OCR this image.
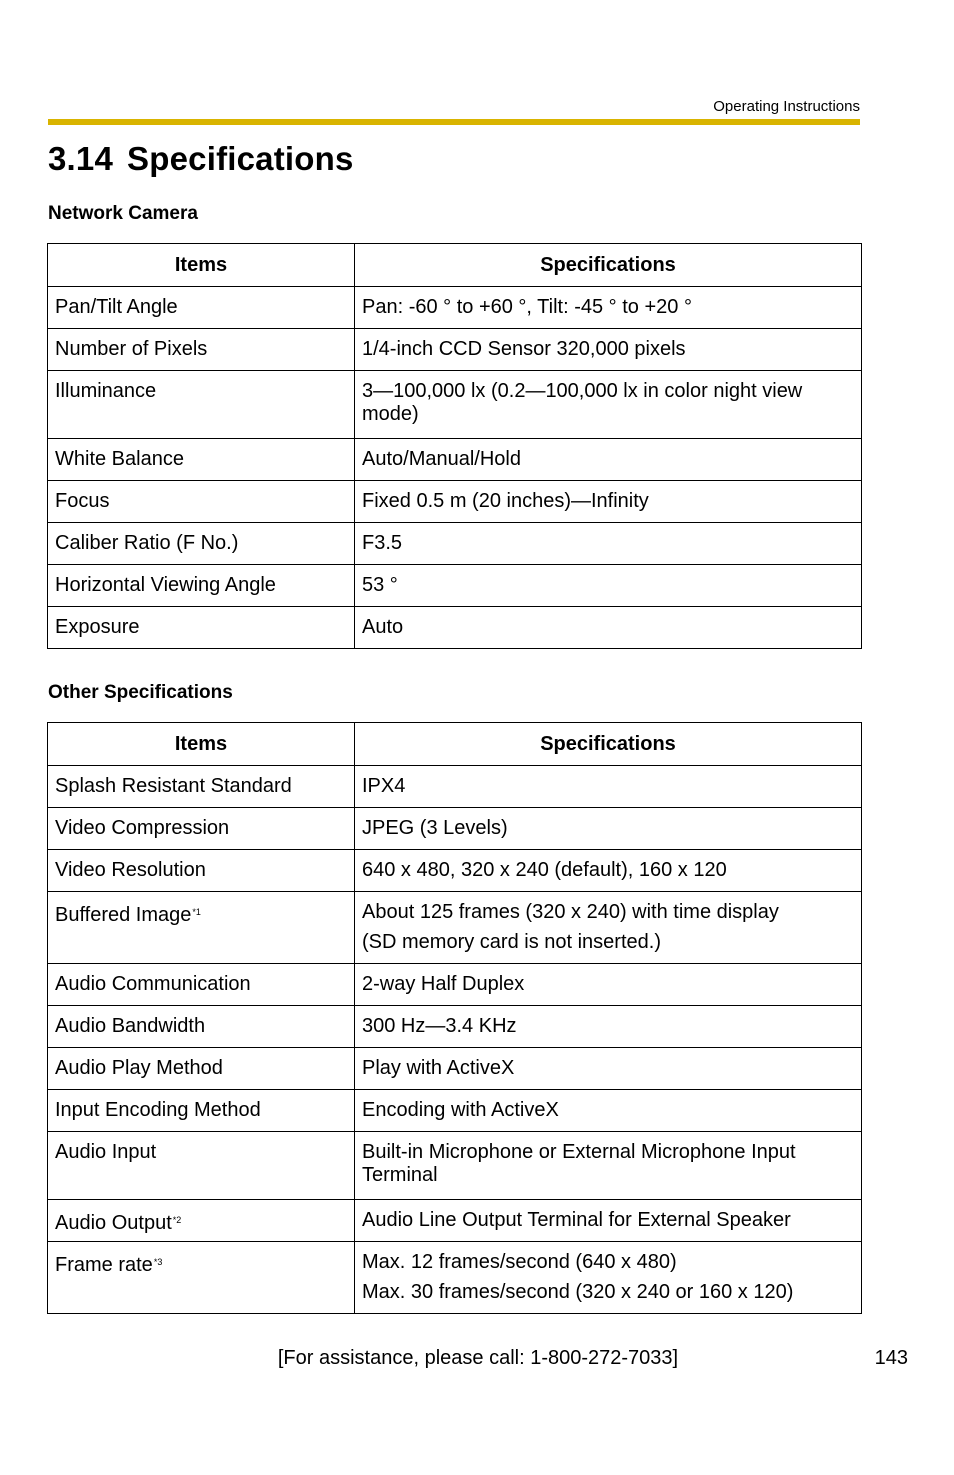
Operating Instructions
3.14 Specifications
Network Camera
Items	Specifications
Pan/Tilt Angle	Pan: -60 ° to +60 °, Tilt: -45 ° to +20 °
Number of Pixels	1/4-inch CCD Sensor 320,000 pixels
Illuminance	3—100,000 lx (0.2—100,000 lx in color night view mode)
White Balance	Auto/Manual/Hold
Focus	Fixed 0.5 m (20 inches)—Infinity
Caliber Ratio (F No.)	F3.5
Horizontal Viewing Angle	53 °
Exposure	Auto
Other Specifications
Items	Specifications
Splash Resistant Standard	IPX4
Video Compression	JPEG (3 Levels)
Video Resolution	640 x 480, 320 x 240 (default), 160 x 120
Buffered Image$^{*1}$	About 125 frames (320 x 240) with time display
(SD memory card is not inserted.)

Audio Communication	2-way Half Duplex
Audio Bandwidth	300 Hz—3.4 KHz
Audio Play Method	Play with ActiveX
Input Encoding Method	Encoding with ActiveX
Audio Input	Built-in Microphone or External Microphone Input Terminal
Audio Output$^{*2}$	Audio Line Output Terminal for External Speaker
Frame rate$^{*3}$	Max. 12 frames/second (640 x 480)
Max. 30 frames/second (320 x 240 or 160 x 120)
[For assistance, please call: 1-800-272-7033]	143
